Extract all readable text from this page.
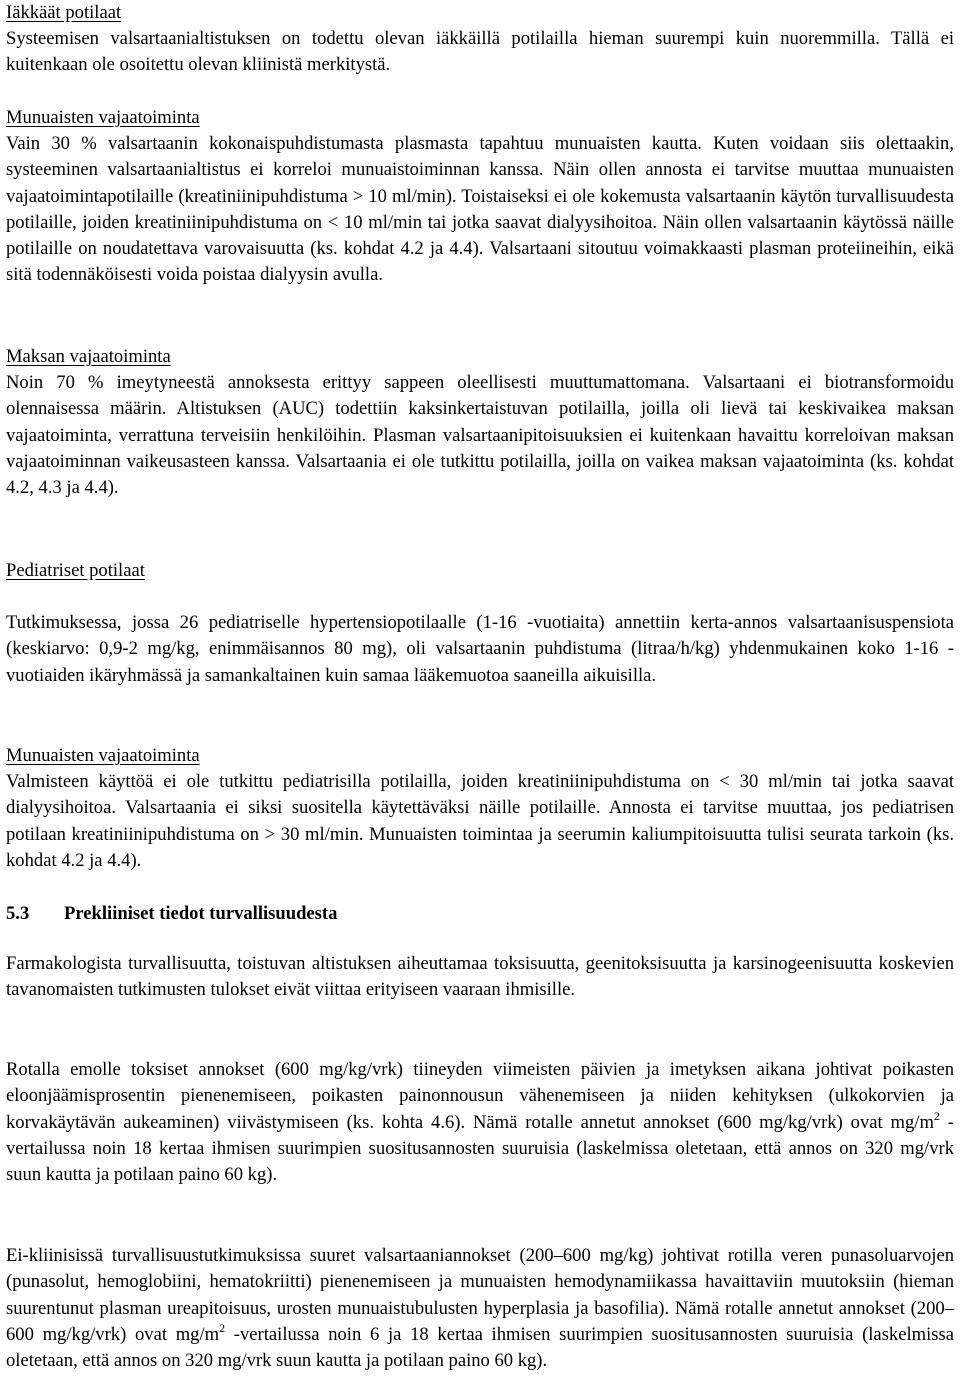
Iäkkäät potilaat

Systeemisen valsartaanialtistuksen on todettu olevan iäkkäillä potilailla hieman suurempi kuin nuoremmilla. Tällä ei kuitenkaan ole osoitettu olevan kliinistä merkitystä.

Munuaisten vajaatoiminta

Vain 30 % valsartaanin kokonaispuhdistumasta plasmasta tapahtuu munuaisten kautta. Kuten voidaan siis olettaakin, systeeminen valsartaanialtistus ei korreloi munuaistoiminnan kanssa. Näin ollen annosta ei tarvitse muuttaa munuaisten vajaatoimintapotilaille (kreatiniinipuhdistuma > 10 ml/min). Toistaiseksi ei ole kokemusta valsartaanin käytön turvallisuudesta potilaille, joiden kreatiniinipuhdistuma on < 10 ml/min tai jotka saavat dialyysihoitoa. Näin ollen valsartaanin käytössä näille potilaille on noudatettava varovaisuutta (ks. kohdat 4.2 ja 4.4). Valsartaani sitoutuu voimakkaasti plasman proteiineihin, eikä sitä todennäköisesti voida poistaa dialyysin avulla.

Maksan vajaatoiminta

Noin 70 % imeytyneestä annoksesta erittyy sappeen oleellisesti muuttumattomana. Valsartaani ei biotransformoidu olennaisessa määrin. Altistuksen (AUC) todettiin kaksinkertaistuvan potilailla, joilla oli lievä tai keskivaikea maksan vajaatoiminta, verrattuna terveisiin henkilöihin. Plasman valsartaanipitoisuuksien ei kuitenkaan havaittu korreloivan maksan vajaatoiminnan vaikeusasteen kanssa. Valsartaania ei ole tutkittu potilailla, joilla on vaikea maksan vajaatoiminta (ks. kohdat 4.2, 4.3 ja 4.4).

Pediatriset potilaat

Tutkimuksessa, jossa 26 pediatriselle hypertensiopotilaalle (1-16 -vuotiaita) annettiin kerta-annos valsartaanisuspensiota (keskiarvo: 0,9-2 mg/kg, enimmäisannos 80 mg), oli valsartaanin puhdistuma (litraa/h/kg) yhdenmukainen koko 1-16 -vuotiaiden ikäryhmässä ja samankaltainen kuin samaa lääkemuotoa saaneilla aikuisilla.

Munuaisten vajaatoiminta

Valmisteen käyttöä ei ole tutkittu pediatrisilla potilailla, joiden kreatiniinipuhdistuma on < 30 ml/min tai jotka saavat dialyysihoitoa. Valsartaania ei siksi suositella käytettäväksi näille potilaille. Annosta ei tarvitse muuttaa, jos pediatrisen potilaan kreatiniinipuhdistuma on > 30 ml/min. Munuaisten toimintaa ja seerumin kaliumpitoisuutta tulisi seurata tarkoin (ks. kohdat 4.2 ja 4.4).

5.3 Prekliiniset tiedot turvallisuudesta

Farmakologista turvallisuutta, toistuvan altistuksen aiheuttamaa toksisuutta, geenitoksisuutta ja karsinogeenisuutta koskevien tavanomaisten tutkimusten tulokset eivät viittaa erityiseen vaaraan ihmisille.

Rotalla emolle toksiset annokset (600 mg/kg/vrk) tiineyden viimeisten päivien ja imetyksen aikana johtivat poikasten eloonjäämisprosentin pienenemiseen, poikasten painonnousun vähenemiseen ja niiden kehityksen (ulkokorvien ja korvakäytävän aukeaminen) viivästymiseen (ks. kohta 4.6). Nämä rotalle annetut annokset (600 mg/kg/vrk) ovat $mg/m^2$ -vertailussa noin 18 kertaa ihmisen suurimpien suositusannosten suuruisia (laskelmissa oletetaan, että annos on 320 mg/vrk suun kautta ja potilaan paino 60 kg).

Ei-kliinisissä turvallisuustutkimuksissa suuret valsartaaniannokset (200–600 mg/kg) johtivat rotilla veren punasoluarvojen (punasolut, hemoglobiini, hematokriitti) pienenemiseen ja munuaisten hemodynamiikassa havaittaviin muutoksiin (hieman suurentunut plasman ureapitoisuus, urosten munuaistubulusten hyperplasia ja basofilia). Nämä rotalle annetut annokset (200–600 mg/kg/vrk) ovat $mg/m^2$ -vertailussa noin 6 ja 18 kertaa ihmisen suurimpien suositusannosten suuruisia (laskelmissa oletetaan, että annos on 320 mg/vrk suun kautta ja potilaan paino 60 kg).
